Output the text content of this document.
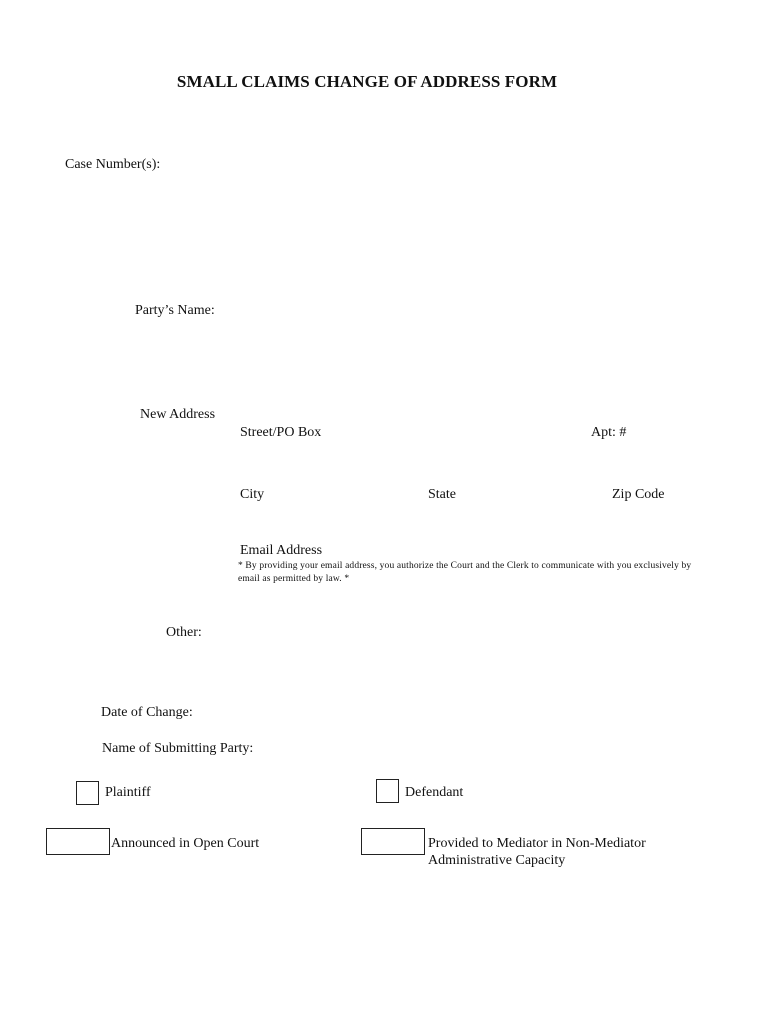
SMALL CLAIMS CHANGE OF ADDRESS FORM
Case Number(s):
Party’s Name:
New Address
Street/PO Box	Apt: #
City	State	Zip Code
Email Address
* By providing your email address, you authorize the Court and the Clerk to communicate with you exclusively by email as permitted by law. *
Other:
Date of Change:
Name of Submitting Party:
Plaintiff	Defendant
Announced in Open Court	Provided to Mediator in Non-Mediator
Administrative Capacity
